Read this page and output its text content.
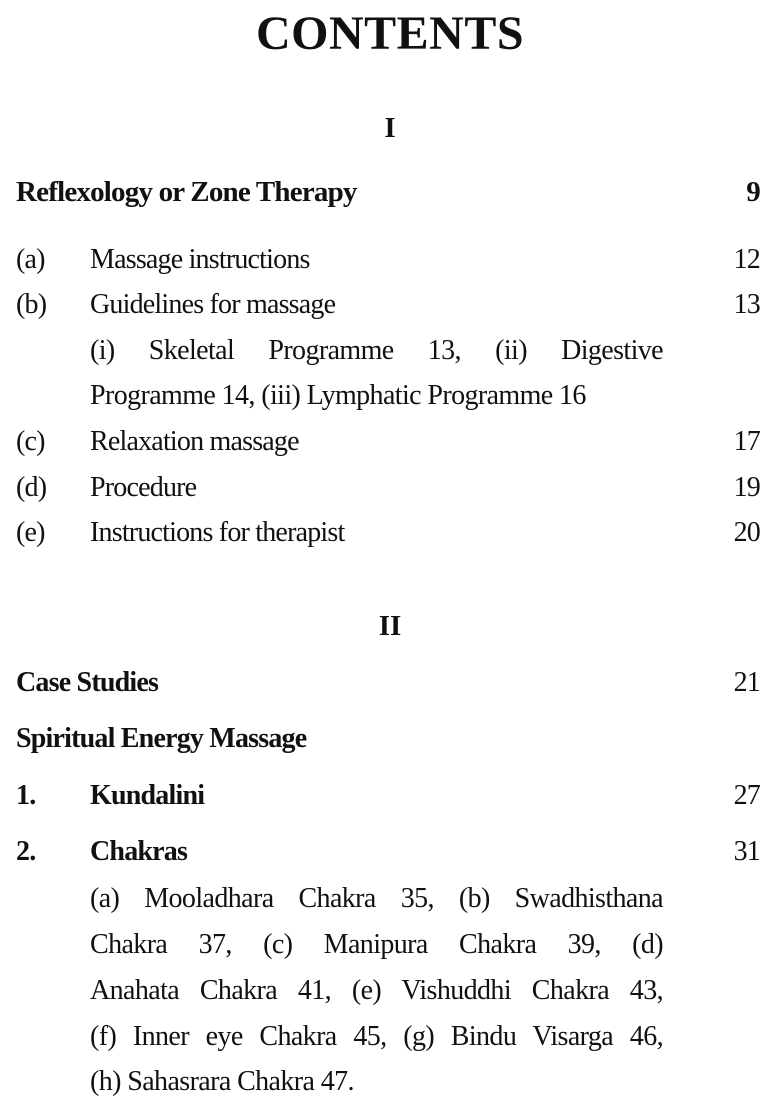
CONTENTS
I
Reflexology or Zone Therapy	9
(a) Massage instructions	12
(b) Guidelines for massage	13
(i) Skeletal Programme 13, (ii) Digestive
Programme 14, (iii) Lymphatic Programme 16
(c) Relaxation massage	17
(d) Procedure	19
(e) Instructions for therapist	20
II
Case Studies	21
Spiritual Energy Massage
1. Kundalini	27
2. Chakras	31
(a) Mooladhara Chakra 35, (b) Swadhisthana
Chakra 37, (c) Manipura Chakra 39, (d)
Anahata Chakra 41, (e) Vishuddhi Chakra 43,
(f) Inner eye Chakra 45, (g) Bindu Visarga 46,
(h) Sahasrara Chakra 47.
